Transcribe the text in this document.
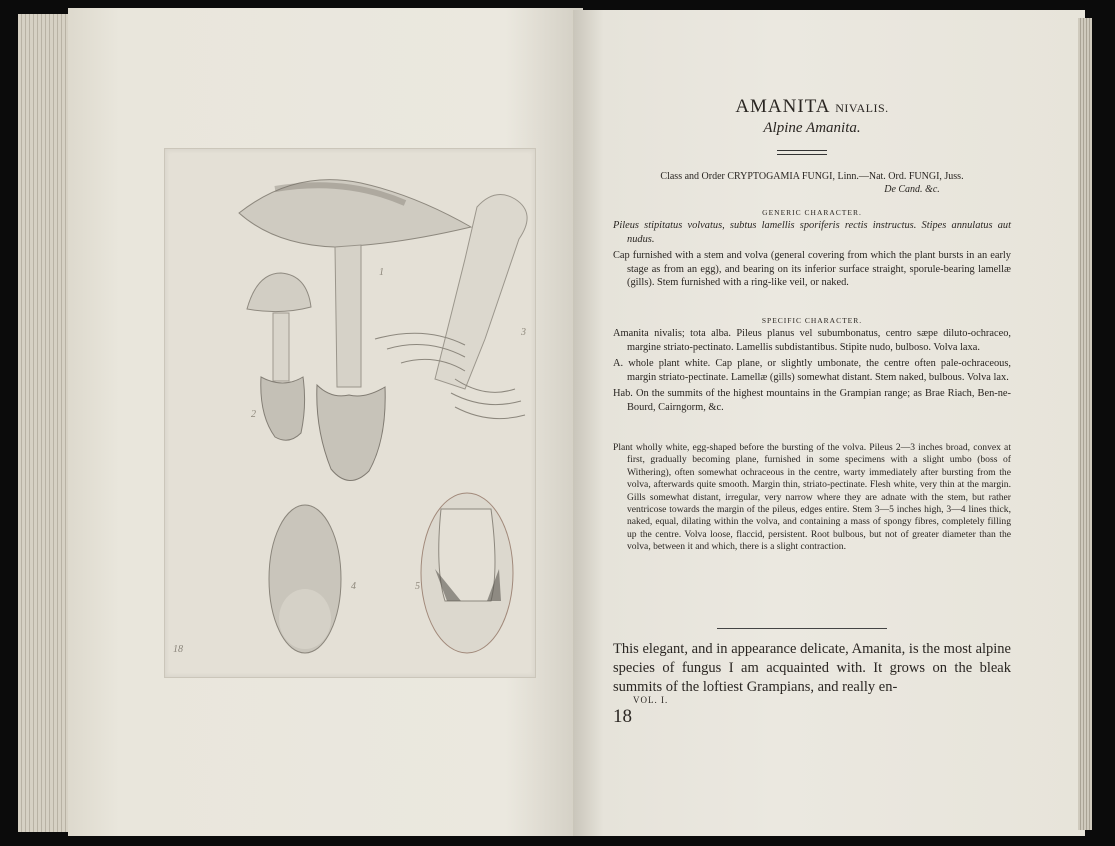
1
2
3
4	5
18
AMANITA NIVALIS.
Alpine Amanita.
Class and Order CRYPTOGAMIA FUNGI, Linn.—Nat. Ord. FUNGI, Juss.
De Cand. &c.
GENERIC CHARACTER.

Pileus stipitatus volvatus, subtus lamellis sporiferis rectis instructus. Stipes annulatus aut nudus.

Cap furnished with a stem and volva (general covering from which the plant bursts in an early stage as from an egg), and bearing on its inferior surface straight, sporule-bearing lamellæ (gills). Stem furnished with a ring-like veil, or naked.

SPECIFIC CHARACTER.

Amanita nivalis; tota alba. Pileus planus vel subumbonatus, centro sæpe diluto-ochraceo, margine striato-pectinato. Lamellis subdistantibus. Stipite nudo, bulboso. Volva laxa.

A. whole plant white. Cap plane, or slightly umbonate, the centre often pale-ochraceous, margin striato-pectinate. Lamellæ (gills) somewhat distant. Stem naked, bulbous. Volva lax.

Hab. On the summits of the highest mountains in the Grampian range; as Brae Riach, Ben-ne-Bourd, Cairngorm, &c.

Plant wholly white, egg-shaped before the bursting of the volva. Pileus 2—3 inches broad, convex at first, gradually becoming plane, furnished in some specimens with a slight umbo (boss of Withering), often somewhat ochraceous in the centre, warty immediately after bursting from the volva, afterwards quite smooth. Margin thin, striato-pectinate. Flesh white, very thin at the margin. Gills somewhat distant, irregular, very narrow where they are adnate with the stem, but rather ventricose towards the margin of the pileus, edges entire. Stem 3—5 inches high, 3—4 lines thick, naked, equal, dilating within the volva, and containing a mass of spongy fibres, completely filling up the centre. Volva loose, flaccid, persistent. Root bulbous, but not of greater diameter than the volva, between it and which, there is a slight contraction.

This elegant, and in appearance delicate, Amanita, is the most alpine species of fungus I am acquainted with. It grows on the bleak summits of the loftiest Grampians, and really en-
VOL. I.
18
